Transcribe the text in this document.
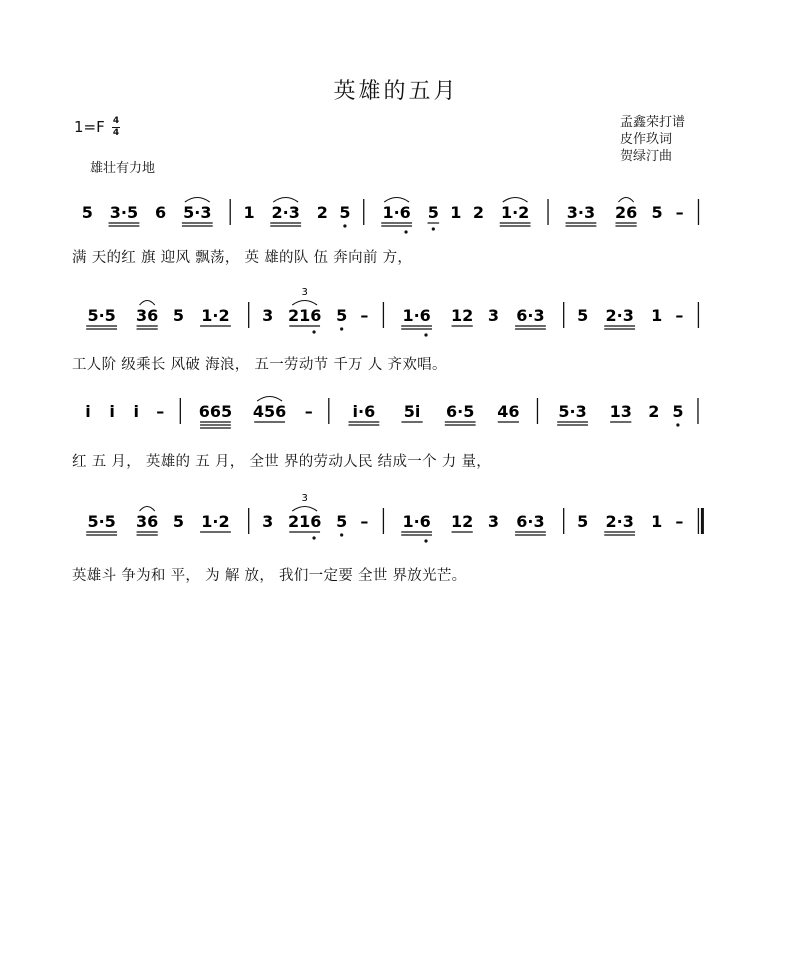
英雄的五月
1=F 4
4
孟鑫荣打谱
皮作玖词
贺绿汀曲
雄壮有力地
5 3·5 6 5·3 1 2·3 2 5 1·6 5 1 2 1·2 3·3 26 5 –
5·5 36 5 1·2 3 216
3
5 – 1·6 12 3 6·3 5 2·3 1 –
i i i – 665 456 – i·6 5i 6·5 46 5·3 13 2 5
5·5 36 5 1·2 3 216
3
5 – 1·6 12 3 6·3 5 2·3 1 –
满 天的红 旗 迎风 飘荡， 英 雄的队 伍 奔向前 方，
工人阶 级乘长 风破 海浪， 五一劳动节 千万 人 齐欢唱。
红 五 月， 英雄的 五 月， 全世 界的劳动人民 结成一个 力 量，
英雄斗 争为和 平， 为 解 放， 我们一定要 全世 界放光芒。
